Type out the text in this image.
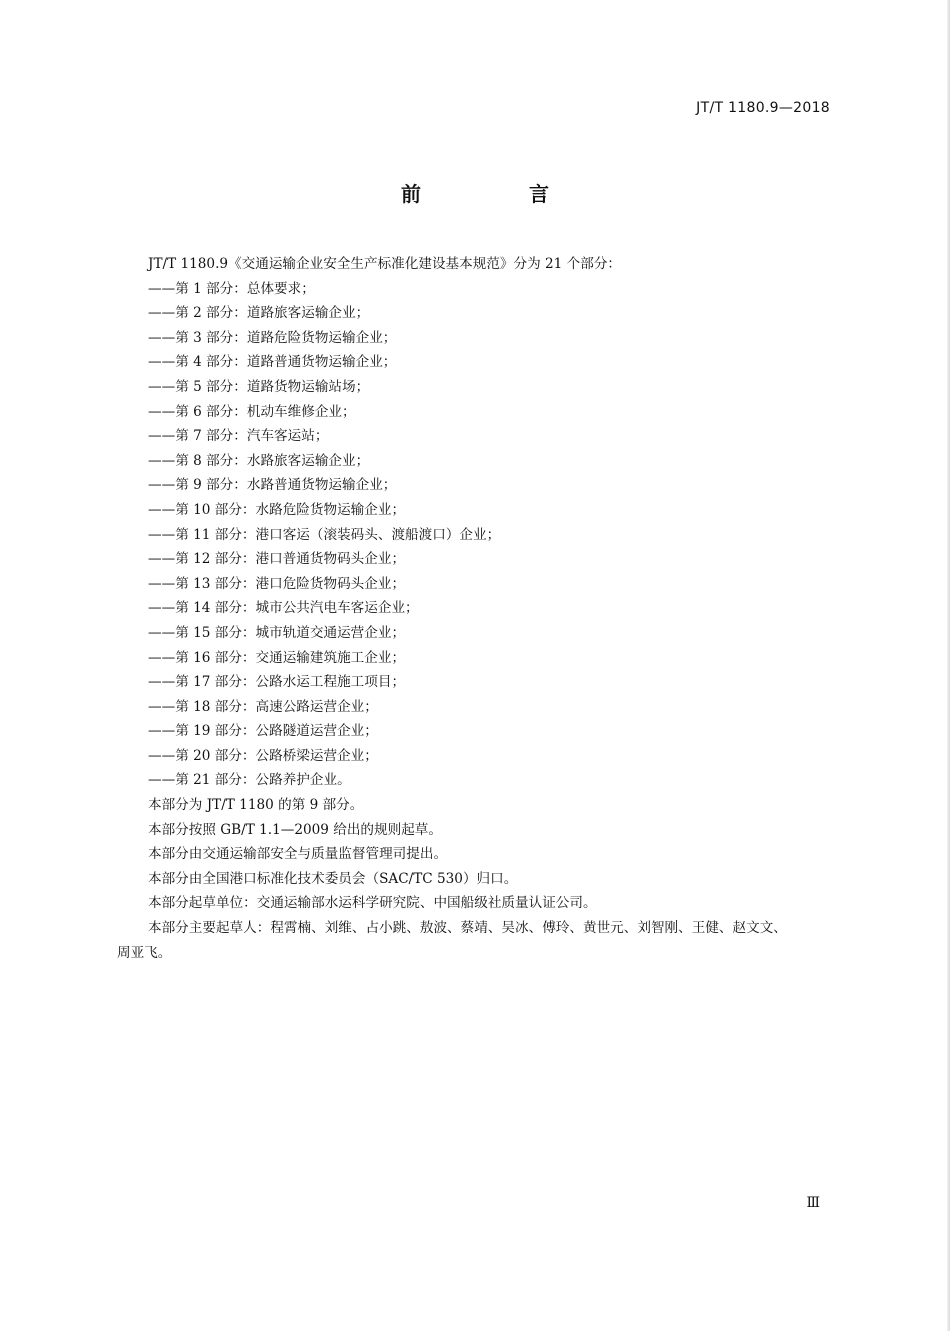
JT/T 1180.9—2018
前　言
JT/T 1180.9《交通运输企业安全生产标准化建设基本规范》分为 21 个部分：
——第 1 部分：总体要求；
——第 2 部分：道路旅客运输企业；
——第 3 部分：道路危险货物运输企业；
——第 4 部分：道路普通货物运输企业；
——第 5 部分：道路货物运输站场；
——第 6 部分：机动车维修企业；
——第 7 部分：汽车客运站；
——第 8 部分：水路旅客运输企业；
——第 9 部分：水路普通货物运输企业；
——第 10 部分：水路危险货物运输企业；
——第 11 部分：港口客运（滚装码头、渡船渡口）企业；
——第 12 部分：港口普通货物码头企业；
——第 13 部分：港口危险货物码头企业；
——第 14 部分：城市公共汽电车客运企业；
——第 15 部分：城市轨道交通运营企业；
——第 16 部分：交通运输建筑施工企业；
——第 17 部分：公路水运工程施工项目；
——第 18 部分：高速公路运营企业；
——第 19 部分：公路隧道运营企业；
——第 20 部分：公路桥梁运营企业；
——第 21 部分：公路养护企业。
本部分为 JT/T 1180 的第 9 部分。
本部分按照 GB/T 1.1—2009 给出的规则起草。
本部分由交通运输部安全与质量监督管理司提出。
本部分由全国港口标准化技术委员会（SAC/TC 530）归口。
本部分起草单位：交通运输部水运科学研究院、中国船级社质量认证公司。
本部分主要起草人：程霄楠、刘维、占小跳、敖波、蔡靖、吴冰、傅玲、黄世元、刘智刚、王健、赵文文、
周亚飞。
Ⅲ
